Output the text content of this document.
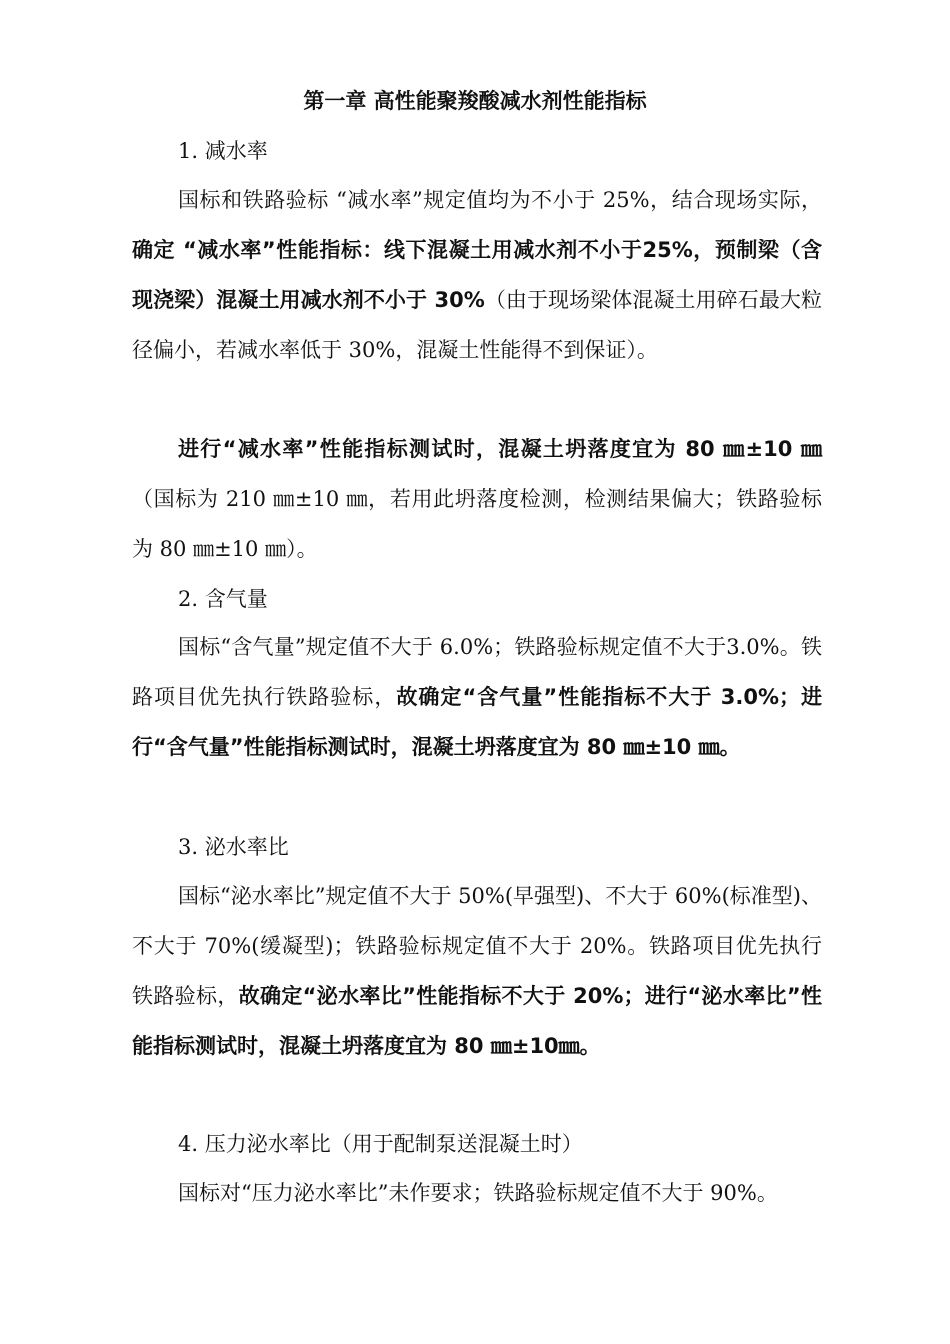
第一章 高性能聚羧酸减水剂性能指标
1. 减水率
国标和铁路验标 “减水率”规定值均为不小于 25%，结合现场实际，确定 “减水率”性能指标：线下混凝土用减水剂不小于25%，预制梁（含现浇梁）混凝土用减水剂不小于 30%（由于现场梁体混凝土用碎石最大粒径偏小，若减水率低于 30%，混凝土性能得不到保证）。
进行“减水率”性能指标测试时，混凝土坍落度宜为 80 ㎜±10 ㎜（国标为 210 ㎜±10 ㎜，若用此坍落度检测，检测结果偏大；铁路验标为 80 ㎜±10 ㎜）。
2. 含气量
国标“含气量”规定值不大于 6.0%；铁路验标规定值不大于3.0%。铁路项目优先执行铁路验标，故确定“含气量”性能指标不大于 3.0%；进行“含气量”性能指标测试时，混凝土坍落度宜为 80 ㎜±10 ㎜。
3. 泌水率比
国标“泌水率比”规定值不大于 50%(早强型)、不大于 60%(标准型)、不大于 70%(缓凝型)；铁路验标规定值不大于 20%。铁路项目优先执行铁路验标，故确定“泌水率比”性能指标不大于 20%；进行“泌水率比”性能指标测试时，混凝土坍落度宜为 80 ㎜±10㎜。
4. 压力泌水率比（用于配制泵送混凝土时）
国标对“压力泌水率比”未作要求；铁路验标规定值不大于 90%。
